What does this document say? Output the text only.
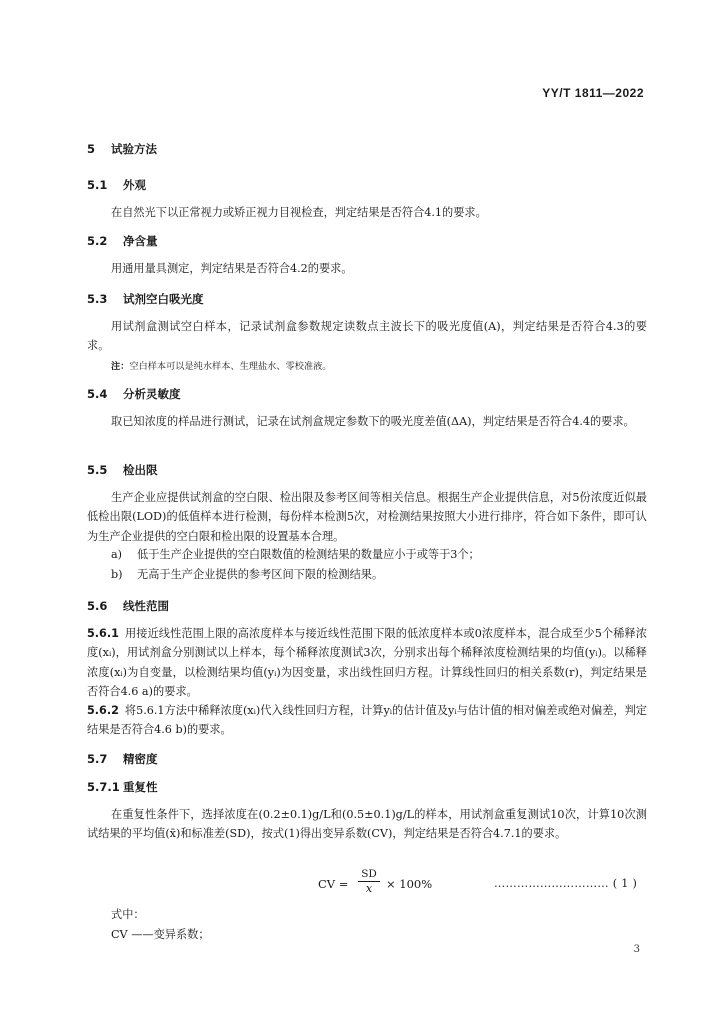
YY/T 1811—2022
5 试验方法
5.1 外观
在自然光下以正常视力或矫正视力目视检查，判定结果是否符合4.1的要求。
5.2 净含量
用通用量具测定，判定结果是否符合4.2的要求。
5.3 试剂空白吸光度
用试剂盒测试空白样本，记录试剂盒参数规定读数点主波长下的吸光度值(A)，判定结果是否符合4.3的要求。
注：空白样本可以是纯水样本、生理盐水、零校准液。
5.4 分析灵敏度
取已知浓度的样品进行测试，记录在试剂盒规定参数下的吸光度差值(ΔA)，判定结果是否符合4.4的要求。
5.5 检出限
生产企业应提供试剂盒的空白限、检出限及参考区间等相关信息。根据生产企业提供信息，对5份浓度近似最低检出限(LOD)的低值样本进行检测，每份样本检测5次，对检测结果按照大小进行排序，符合如下条件，即可认为生产企业提供的空白限和检出限的设置基本合理。
a) 低于生产企业提供的空白限数值的检测结果的数量应小于或等于3个；
b) 无高于生产企业提供的参考区间下限的检测结果。
5.6 线性范围
5.6.1 用接近线性范围上限的高浓度样本与接近线性范围下限的低浓度样本或0浓度样本，混合成至少5个稀释浓度(xᵢ)，用试剂盒分别测试以上样本，每个稀释浓度测试3次，分别求出每个稀释浓度检测结果的均值(yᵢ)。以稀释浓度(xᵢ)为自变量，以检测结果均值(yᵢ)为因变量，求出线性回归方程。计算线性回归的相关系数(r)，判定结果是否符合4.6 a)的要求。
5.6.2 将5.6.1方法中稀释浓度(xᵢ)代入线性回归方程，计算yᵢ的估计值及yᵢ与估计值的相对偏差或绝对偏差，判定结果是否符合4.6 b)的要求。
5.7 精密度
5.7.1 重复性
在重复性条件下，选择浓度在(0.2±0.1)g/L和(0.5±0.1)g/L的样本，用试剂盒重复测试10次，计算10次测试结果的平均值(x̄)和标准差(SD)，按式(1)得出变异系数(CV)，判定结果是否符合4.7.1的要求。
CV = $\frac{SD}{x} \times 100\%$	………………………… ( 1 )
式中：
CV ——变异系数；
3
